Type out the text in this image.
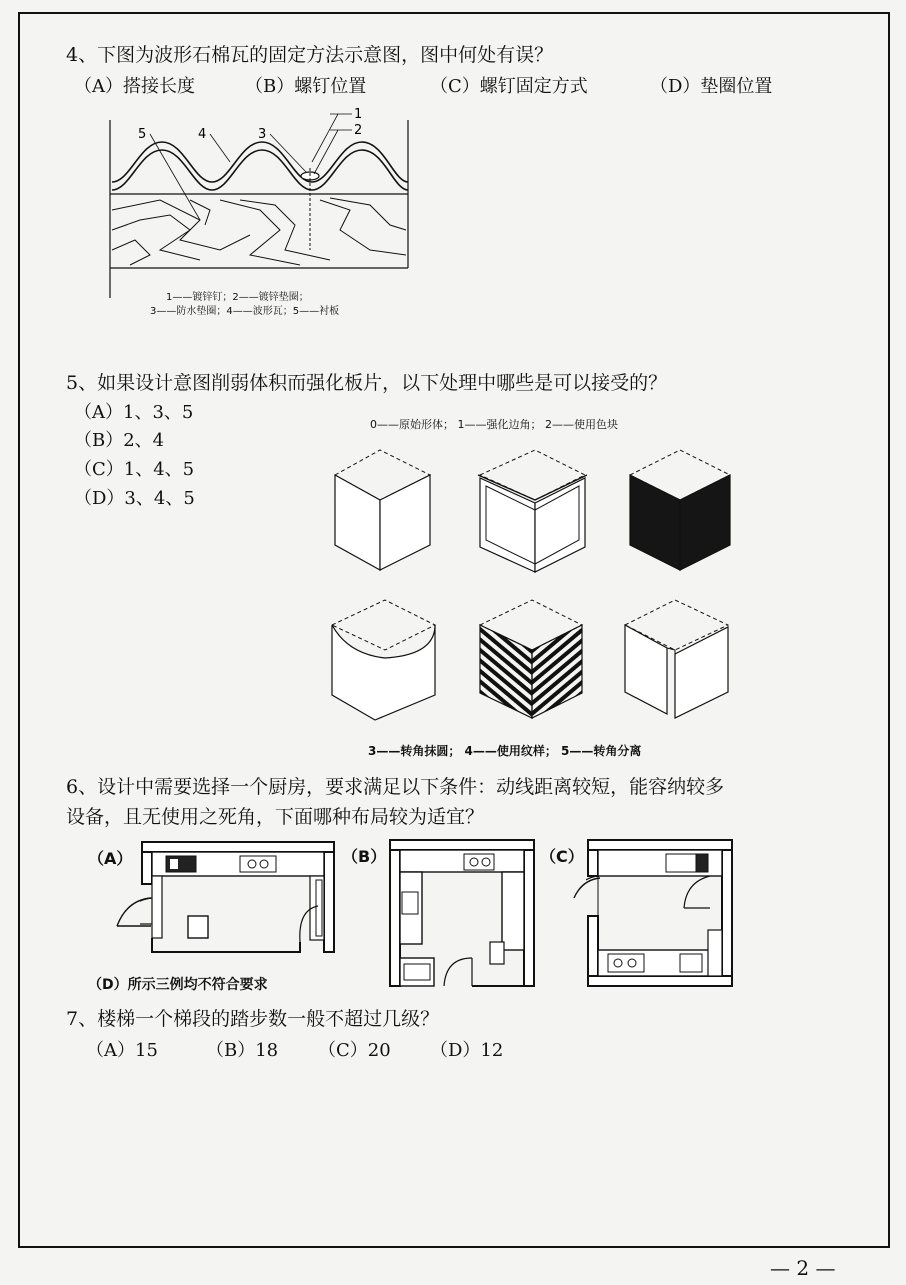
4、下图为波形石棉瓦的固定方法示意图，图中何处有误？
（A）搭接长度	（B）螺钉位置	（C）螺钉固定方式	（D）垫圈位置
5	4	3
1
2
1——镀锌钉；2——镀锌垫圈；
3——防水垫圈；4——波形瓦；5——衬板
5、如果设计意图削弱体积而强化板片，以下处理中哪些是可以接受的？
（A）1、3、5
（B）2、4
（C）1、4、5
（D）3、4、5
0——原始形体； 1——强化边角； 2——使用色块
3——转角抹圆； 4——使用纹样； 5——转角分离
6、设计中需要选择一个厨房，要求满足以下条件：动线距离较短，能容纳较多
设备，且无使用之死角，下面哪种布局较为适宜？
（A）	（B）	（C）
（D）所示三例均不符合要求
7、楼梯一个梯段的踏步数一般不超过几级？
（A）15	（B）18 （C）20 （D）12
— 2 —
